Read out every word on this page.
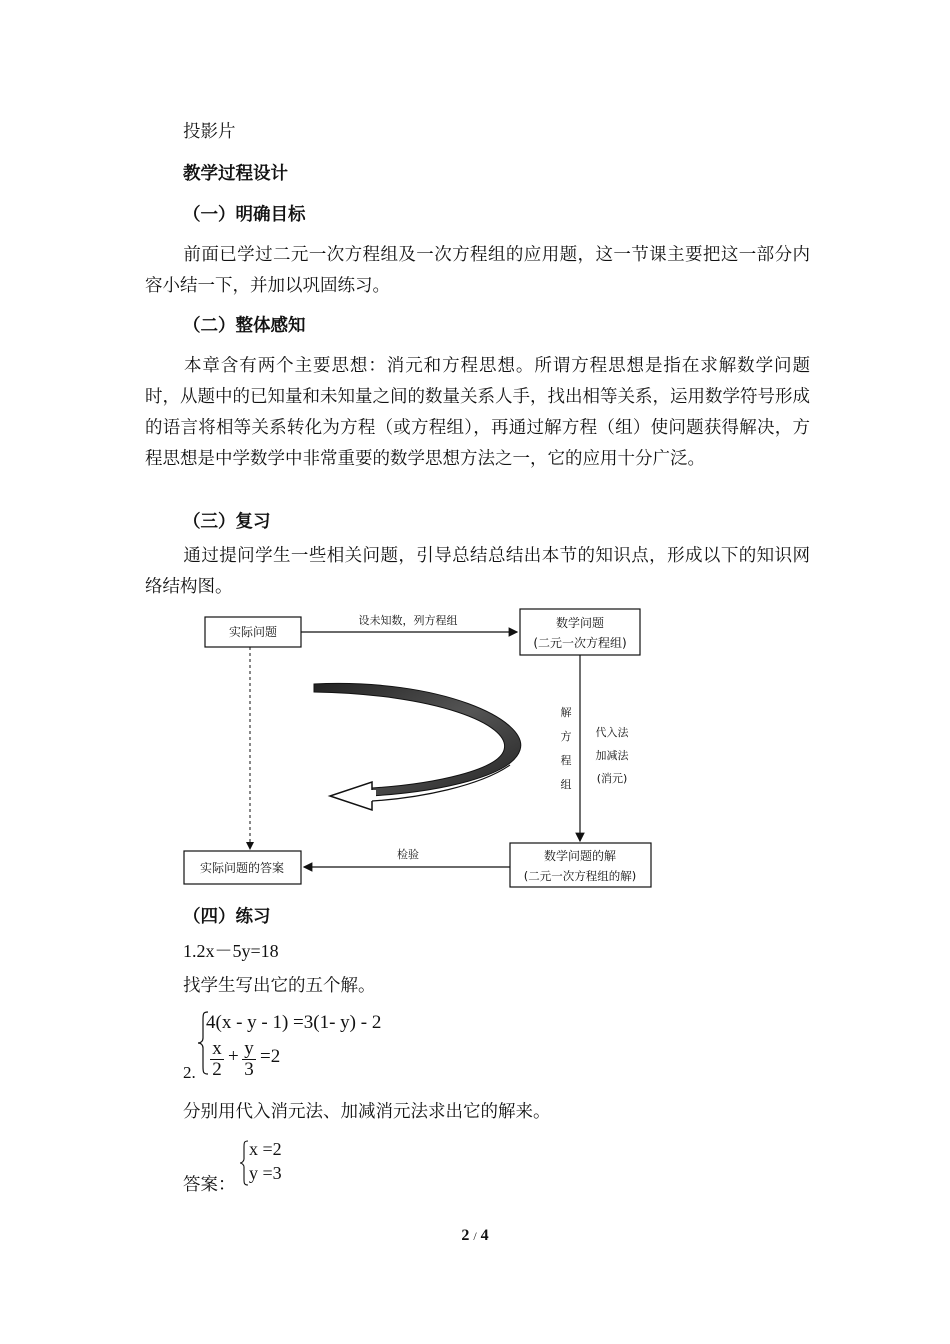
投影片
教学过程设计
（一）明确目标
前面已学过二元一次方程组及一次方程组的应用题，这一节课主要把这一部分内容小结一下，并加以巩固练习。
（二）整体感知
本章含有两个主要思想：消元和方程思想。所谓方程思想是指在求解数学问题时，从题中的已知量和未知量之间的数量关系人手，找出相等关系，运用数学符号形成的语言将相等关系转化为方程（或方程组），再通过解方程（组）使问题获得解决，方程思想是中学数学中非常重要的数学思想方法之一，它的应用十分广泛。
（三）复习
通过提问学生一些相关问题，引导总结总结出本节的知识点，形成以下的知识网络结构图。
实际问题
设未知数，列方程组	数学问题
(二元一次方程组)
解
方
程
组
代入法
加减法
(消元)
数学问题的解
(二元一次方程组的解)
检验
实际问题的答案
（四）练习
1.2x－5y=18
找学生写出它的五个解。
2.
4(x - y - 1) =3(1- y) - 2
x
2
+ y
3
=2
分别用代入消元法、加减消元法求出它的解来。
答案：
x =2
y =3
2 / 4
